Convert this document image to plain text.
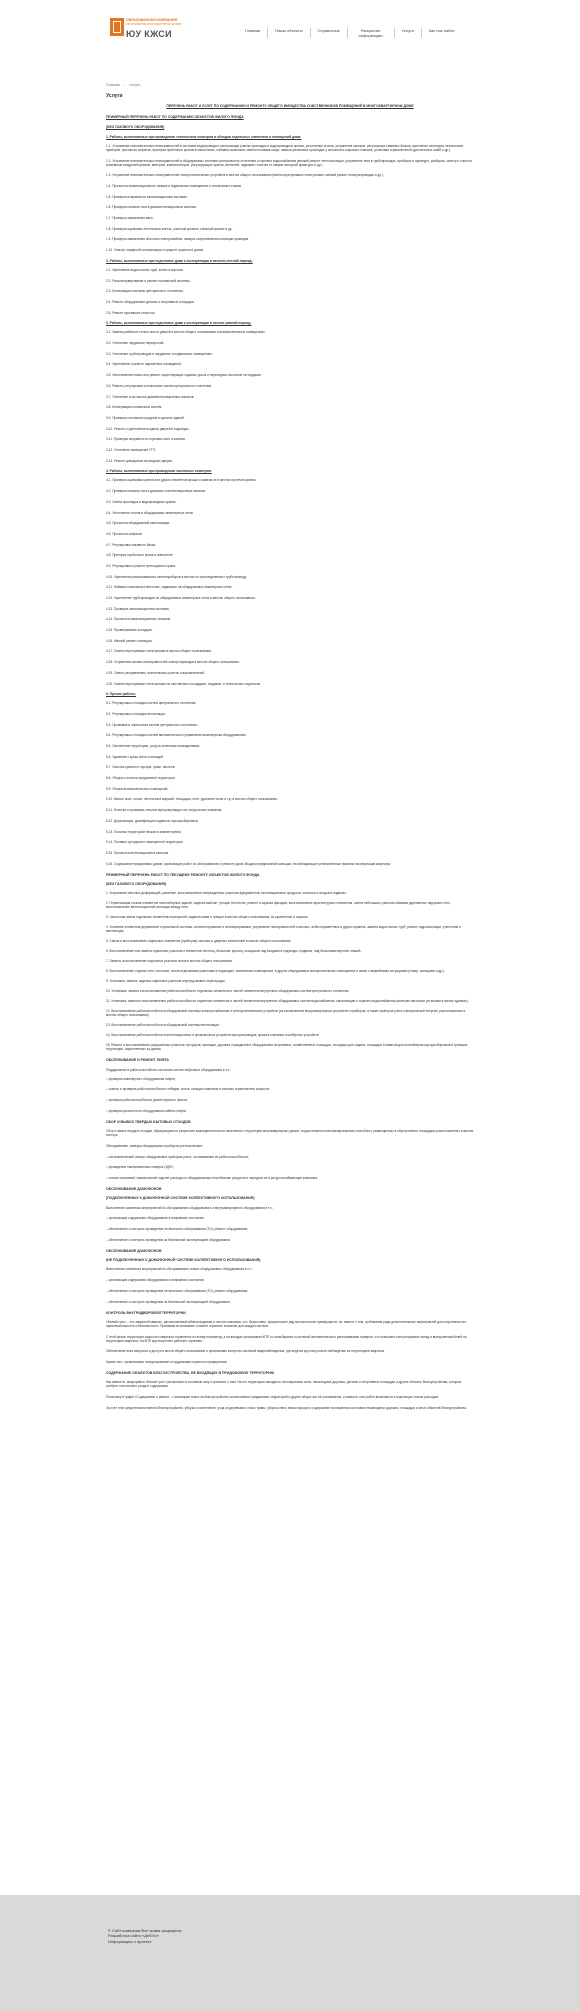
ОБРАЗОВАННАЯ КОМПАНИЯ
ОБСЛУЖИВАНИЕ МНОГОКВАРТИРНЫХ ДОМОВ
ЮУ КЖСИ	Главная	Наши объекты	Справочник	Раскрытие информации
Услуги	Как нас найти
Главная → Услуги
Услуги

ПЕРЕЧЕНЬ РАБОТ И УСЛУГ ПО СОДЕРЖАНИЮ И РЕМОНТУ ОБЩЕГО ИМУЩЕСТВА СОБСТВЕННИКОВ ПОМЕЩЕНИЙ В МНОГОКВАРТИРНОМ ДОМЕ

ПРИМЕРНЫЙ ПЕРЕЧЕНЬ РАБОТ ПО СОДЕРЖАНИЮ ОБЪЕКТОВ ЖИЛОГО ФОНДА

(БЕЗ ГАЗОВОГО ОБОРУДОВАНИЯ)

1. Работы, выполняемые при проведении технических осмотров и обходов отдельных элементов и помещений дома:

1.1. Устранение незначительных неисправностей в системах водопровода и канализации (смена прокладок в водопроводных кранах, уплотнение сгонов, устранение засоров, регулировка смывных бачков, крепление санитарно-технических приборов, прочистка сифонов, притирка пробочных кранов в смесителях, набивка сальников, смена поплавка-шара, замена резиновых прокладок у колокола и шарового клапана, установка ограничителей-дроссельных шайб и др.).

1.2. Устранение незначительных неисправностей в общедомовых системах центрального отопления и горячего водоснабжения (мелкий ремонт теплоизоляции, устранение течи в трубопроводах, приборах и арматуре, разборка, осмотр и очистка грязевиков воздухосборников, вантузов, компенсаторов, регулирующих кранов, вентилей, задвижек; очистка от накипи запорной арматуры и др.).

1.3. Устранение незначительных неисправностей электротехнических устройств в местах общего пользования (смена перегоревших электроламп, мелкий ремонт электропроводки и др.).

1.4. Прочистка канализационного лежака в подвальных помещениях и технических этажах.

1.5. Проверка исправности канализационных вытяжек.

1.6. Проверка наличия тяги в дымовентиляционных каналах.

1.7. Проверка заземления ванн.

1.8. Проверка оцинковки лестничных клеток, участков кровель стальной кровли и др.

1.9. Проверка заземления оболочки электрокабеля, замеры сопротивления изоляции проводов.

1.10. Осмотр пожарной сигнализации и средств тушения в домах.

2. Работы, выполняемые при подготовке дома к эксплуатации в весенне-летний период:

2.1. Укрепление водосточных труб, колен и воронок.

2.2. Расконсервирование и ремонт поливочной системы.

2.3. Консервация системы центрального отопления.

2.4. Ремонт оборудования детских и спортивных площадок.

2.5. Ремонт просевших отмосток.

3. Работы, выполняемые при подготовке дома к эксплуатации в осенне-зимний период:

3.1. Замена разбитых стекол окон и дверей в местах общего пользования и вспомогательных помещениях.

3.2. Утепление чердачных перекрытий.

3.3. Утепление трубопроводов в чердачных и подвальных помещениях.

3.4. Укрепление и ремонт парапетных ограждений.

3.5. Изготовление новых или ремонт существующих ходовых досок и переходных мостиков на чердаках.

3.6. Ремонт, регулировка и испытание систем центрального отопления.

3.7. Утепление и прочистка дымовентиляционных каналов.

3.8. Консервация поливочных систем.

3.9. Проверка состояния продухов в цоколях зданий.

3.10. Ремонт и укрепление входных дверей в подъезды.

3.11. Проверка исправности слуховых окон и жалюзи.

3.12. Утепление помещений УТП.

3.13. Ремонт доводчиков на входных дверях.

4. Работы, выполняемые при проведении частичных осмотров:

4.1. Проверка оцинковки кровли или других элементов крыши и замена их в местах протечек кровли.

4.2. Проверка наличия тяги в дымовых и вентиляционных каналах.

4.3. Смена прокладок в водопроводных кранах.

4.4. Уплотнение сгонов в общедомовых инженерных сетях.

4.5. Прочистка общедомовой канализации.

4.6. Прочистка сифонов.

4.7. Регулировка смывного бачка.

4.8. Притирка пробочного крана в смесителе.

4.9. Регулировка и ремонт трехходового крана.

4.10. Укрепление расшатавшихся сантехприборов в местах их присоединения к трубопроводу.

4.11. Набивка сальников в вентилях, задвижках на общедомовых инженерных сетях.

4.12. Укрепление трубопроводов на общедомовых инженерных сетях в местах общего пользования.

4.13. Проверка канализационных вытяжек.

4.14. Прочистка канализационных лежаков.

4.15. Проветривание колодцев.

4.16. Мелкий ремонт изоляции.

4.17. Смена перегоревших электроламп в местах общего пользования.

4.18. Устранение мелких неисправностей электропроводки в местах общего пользования.

4.19. Смена (исправление) штепсельных розеток и выключателей.

4.20. Смена перегоревших электроламп на лестничных площадках, чердаках, в технических подпольях.

5. Прочие работы:

5.1. Регулировка и наладка систем центрального отопления.

5.2. Регулировка и наладка вентиляции.

5.3. Промывка и опрессовка систем центрального отопления.

5.4. Регулировка и наладка систем автоматического управления инженерным оборудованием.

5.5. Озеленение территории, уход за зелеными насаждениями.

5.6. Удаление с крыш снега и наледей.

5.7. Очистка кровли от мусора, грязи, листьев.

5.8. Уборка и очистка придомовой территории.

5.9. Уборка вспомогательных помещений.

5.10. Мытье окон, полов, лестничных маршей, площадок, стен, удаление пыли и т.д. в местах общего пользования.

5.11. Очистка и промывка стволов мусоропровода и их загрузочных клапанов.

5.12. Дератизация, дезинфекция подвалов, мусоросборников.

5.13. Посыпка территорий песком в зимнее время.

5.14. Поливка тротуаров и замощенной территории.

5.15. Прочистка вентиляционных каналов.

5.16. Содержание придомовых домов, организация работ по обслуживанию и ремонту дома. Выдача предписаний жильцам, несоблюдающих установленные правила эксплуатации квартиры.

ПРИМЕРНЫЙ ПЕРЕЧЕНЬ РАБОТ ПО ТЕКУЩЕМУ РЕМОНТУ ОБЪЕКТОВ ЖИЛОГО ФОНДА

(БЕЗ ГАЗОВОГО ОБОРУДОВАНИЯ)

1. Устранение местных деформаций, усиление, восстановление поврежденных участков фундаментов, вентиляционных продухов, отмостки и входов в подвалы.

2. Герметизация стыков элементов полносборных зданий, заделка выбоин, трещин на стенах; ремонт и окраска фасадов, восстановление архитектурных элементов, смена небольших участков обшивки деревянных наружных стен, восстановление вентиляционной изоляции между стен.

3. Частичная смена отдельных элементов перекрытий; заделка швов и трещин в местах общего пользования; их укрепление и окраска.

4. Усиление элементов деревянной стропильной системы, антисептирование и антипирирование; устранение неисправностей стальных, асбестоцементных и других кровель, замена водосточных труб; ремонт гидроизоляции, утепления и вентиляции.

5. Смена и восстановление отдельных элементов (приборов) оконных и дверных заполнений в местах общего пользования.

6. Восстановление или замена отдельных участков и элементов лестниц, балконов, крылец, козырьков над входами в подъезды, подвалы, над балконами верхних этажей.

7. Замена, восстановление отдельных участков полов в местах общего пользования.

8. Восстановление отделки стен, потолков, полов отдельными участками в подъездах, технических помещениях, в других общедомовых вспомогательных помещениях и связи с аварийными ситуациями (повер. жильцами и др.).

9. Установка, замена, заделка отдельных участков внутридомовых перегородок.

10. Установка, замена и восстановление работоспособности отдельных элементов и частей элементов внутренних общедомовых систем центрального отопления.

11. Установка, замена и восстановление работоспособности отдельных элементов и частей элементов внутренних общедомовых систем водоснабжения, канализации и горячего водоснабжения (включая насосные установки в жилых зданиях).

12. Восстановление работоспособности общедомовой системы электроснабжения и электротехнических устройств (за исключением внутриквартирных устройств и приборов, а также приборов учета электрической энергии, расположенных в местах общего пользования).

13. Восстановление работоспособности общедомовой системы вентиляции.

14. Восстановление работоспособности вентиляционных и промывочных устройств мусоропроводов, крышек клапанов и шиберных устройств.

15. Ремонт и восстановление разрушенных участков тротуаров, проездов, дорожек ограждений и оборудования спортивных, хозяйственных площадок, площадок для отдыха, площадок и навесов для контейнеров-мусоросборников в границах территории, закрепленных за домом.

ОБСЛУЖИВАНИЕ И РЕМОНТ ЛИФТА

Поддержание в работоспособном состоянии систем лифтового оборудования в т.ч.:

– проверка инженерного оборудования лифта;

– осмотр и проверка работоспособности лебедки, троса, гасящих клапанов и наличия ограничителя скорости;

– проверка работоспособности диспетчерского пульта;

– проверка целостности оборудования кабины лифта.

СБОР И ВЫВОЗ ТВЕРДЫХ БЫТОВЫХ ОТХОДОВ

Сбор и вывоз твердых отходов, образующихся в результате жизнедеятельности населения с территории многоквартирных домов, осуществляется механизированным способом с размещенных в обустроенных площадках расположенных в жилом секторе.

Обслуживание, поверка общедомовых приборов учета включает:

– систематический осмотр общедомовых приборов учета, отслеживание их работоспособности;

– проведение своевременных поверок ОДПУ;

– снятие показаний, ежемесячный подсчет расхода по общедомовому потреблению ресурсов и передача их в ресурсоснабжающие компании.

ОБСЛУЖИВАНИЕ ДОМОФОНОВ

(ПОДКЛЮЧЕННЫХ К ДОМОФОННОЙ СИСТЕМЕ КОЛЛЕКТИВНОГО ИСПОЛЬЗОВАНИЯ)

Выполнение комплекса мероприятий по обслуживанию общедомового и внутриквартирного оборудования в т.ч.:

– организация содержания оборудования в исправном состоянии;

– обеспечение и контроль проведения технического обслуживания (ТО), ремонт оборудования;

– обеспечение и контроль проведения за безопасной эксплуатацией оборудования.

ОБСЛУЖИВАНИЕ ДОМОФОНОВ

(НЕ ПОДКЛЮЧЕННЫХ К ДОМОФОННОЙ СИСТЕМЕ КОЛЛЕКТИВНОГО ИСПОЛЬЗОВАНИЯ)

Выполнение комплекса мероприятий по обслуживанию только общедомового оборудования в т.ч.:

– организация содержания оборудования в исправном состоянии;

– обеспечение и контроль проведения технического обслуживания (ТО), ремонт оборудования;

– обеспечение и контроль проведения за безопасной эксплуатацией оборудования.

КОНТРОЛЬ ВНУТРИДВОРОВОЙ ТЕРРИТОРИИ

«Белый гусь» – это закрытый квартал, расположенный вблизи водоема и лесного массива, что, безусловно, предполагает ряд экологических преимуществ, но, вместе с тем, требования ряда дополнительных мероприятий для сохранения его привлекательности и безопасности. Принимая во внимание и имеют огромное значение для каждого жителя.

С этой целью территория закрытого квартала охраняется по всему периметру, а на въездах организован КПП со шлагбаумом и системой автоматического распознавания номеров, что позволяет контролировать въезд и выезд автомобилей на территорию квартала. На КПП круглосуточно работает охранник.

Обеспечение всех вопросов и доступ в места общего пользования и организован контроль системой видеонаблюдения, где ведется круглосуточное наблюдение за территорией квартала.

Кроме того, организовано патрулирование сотрудниками охранного предприятия.

СОДЕРЖАНИЕ ОБЪЕКТОВ БЛАГОУСТРОЙСТВА, НЕ ВХОДЯЩИХ В ПРИДОМОВУЮ ТЕРРИТОРИЮ

Как известно, микрорайон «Белый гусь» расположен в сосновом лесу и граничит с ним. На его территории находятся лесопарковые зоны, пешеходные дорожки, детские и спортивные площадки и другие объекты благоустройства, которые требуют постоянного ухода и содержания.

Поскольку в графе «Содержание и ремонт...» жилищная плата за благоустройство коллективных придомовых территорий и других общих зон не учитывается, стоимость этих работ включается в отдельную статью расходов.

За счет этих средств выполняются благоустройство, уборка и озеленение, уход за деревьями, покос травы, уборка снега, вывоз мусора и содержание в исправном состоянии пешеходных дорожек, площадок и иных объектов благоустройства.

© Сайт компании Все права защищены
Разработка сайта «Деб:Ю»
Информация о проекте
